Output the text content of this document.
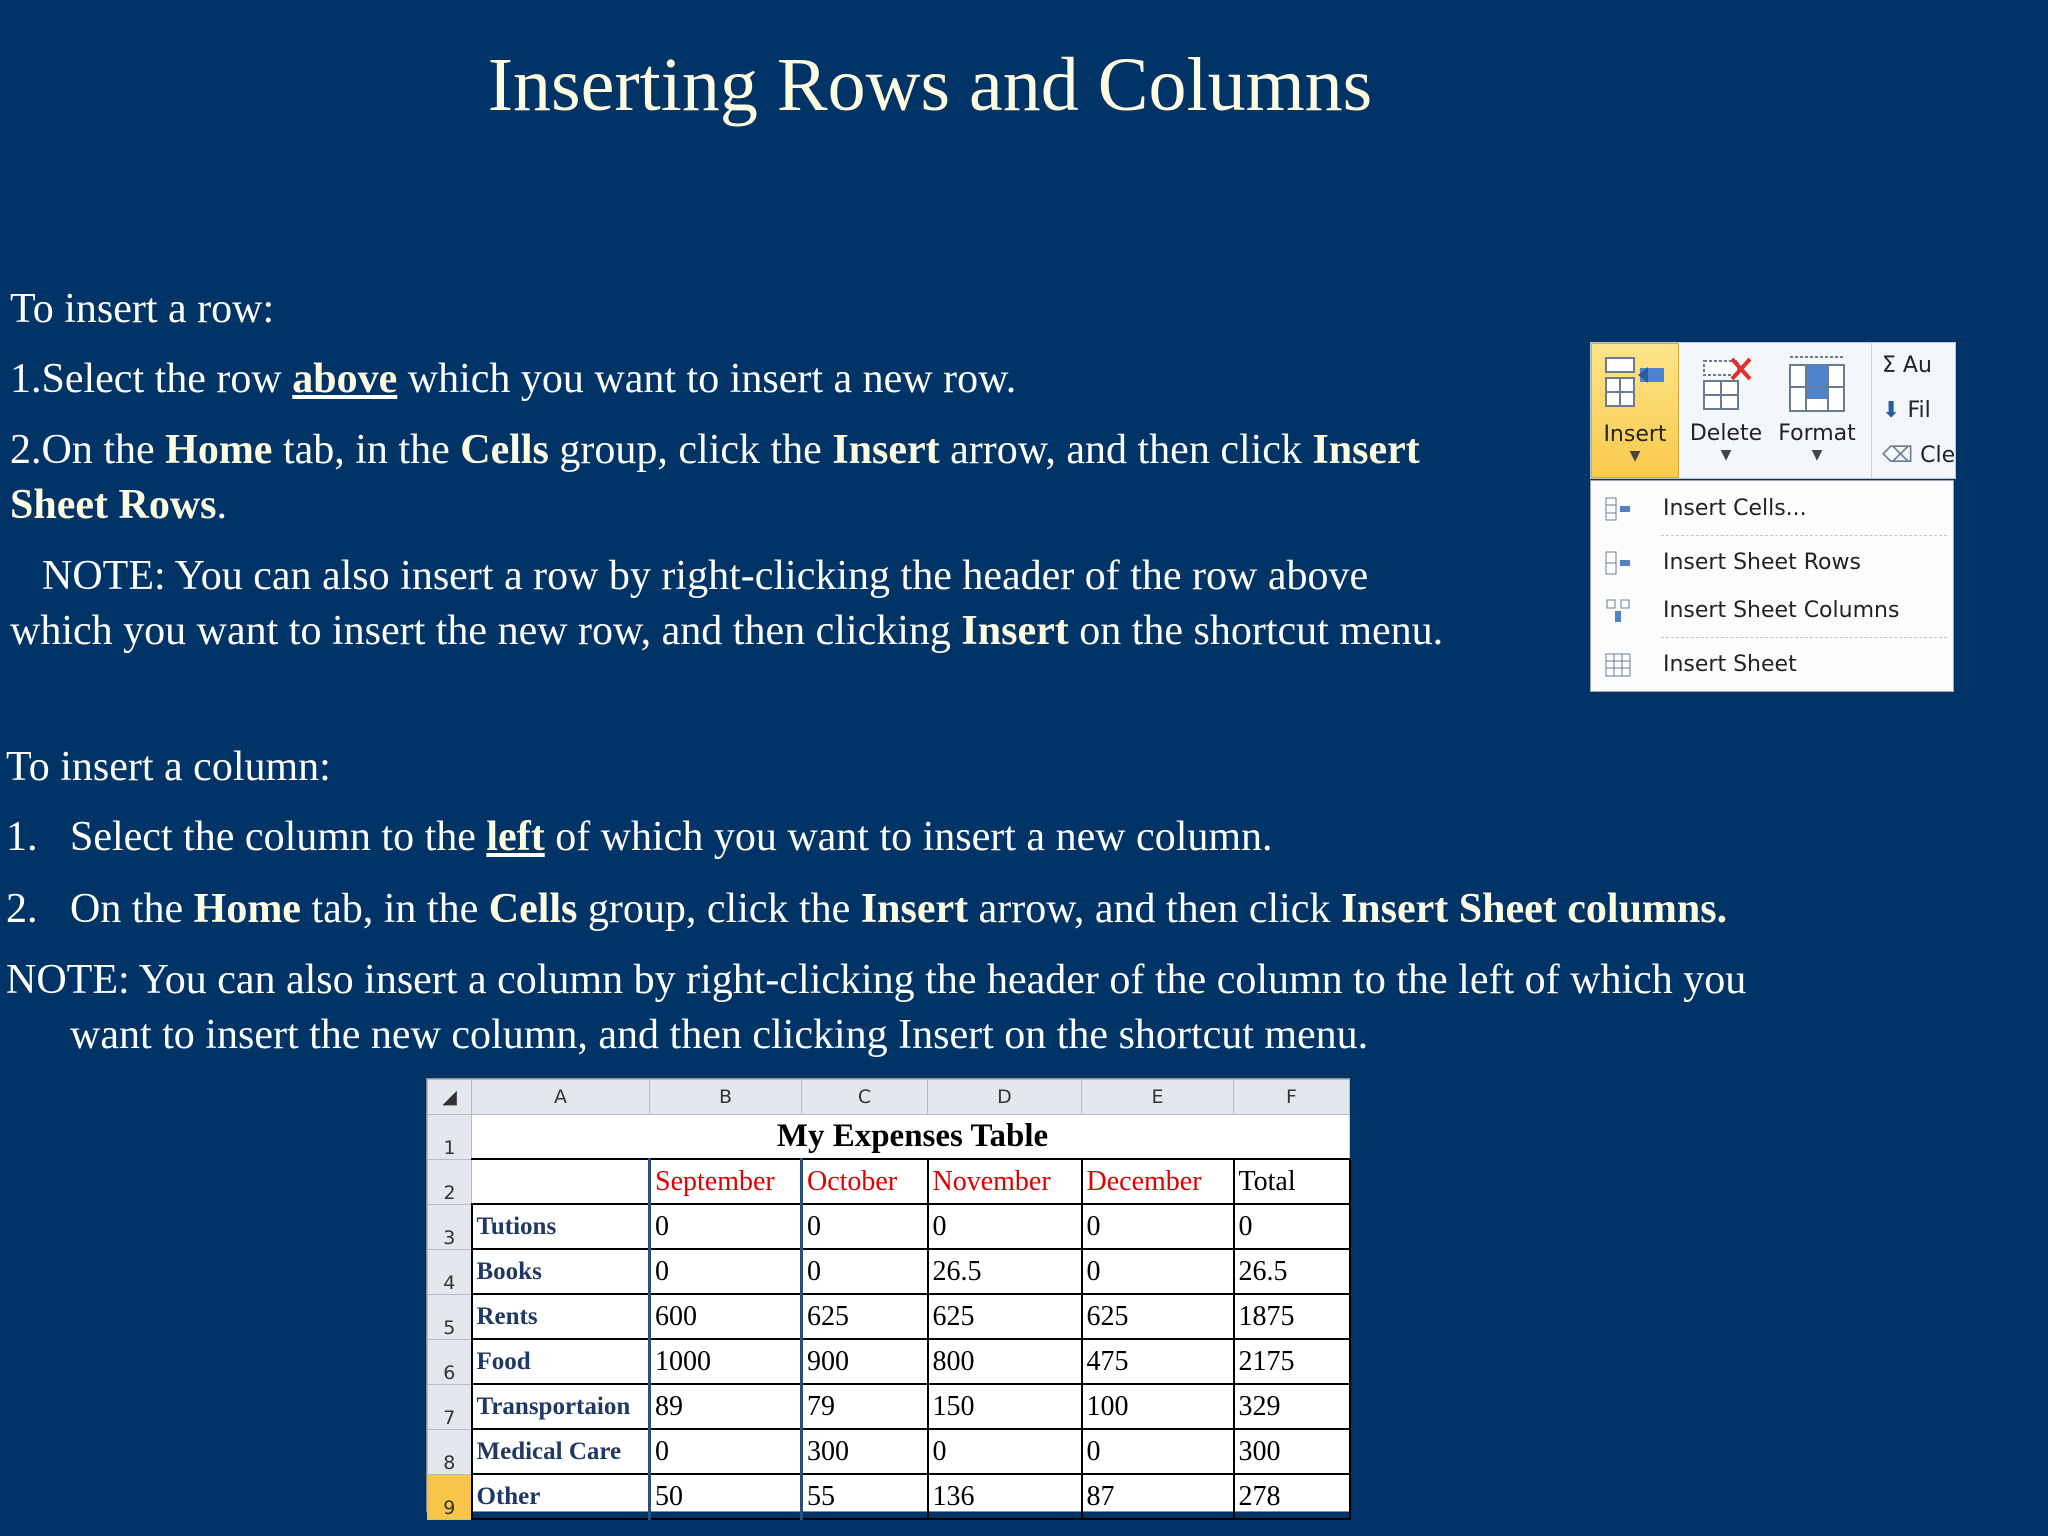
Inserting Rows and Columns
To insert a row:
1.Select the row above which you want to insert a new row.
2.On the Home tab, in the Cells group, click the Insert arrow, and then click Insert
Sheet Rows.
NOTE: You can also insert a row by right-clicking the header of the row above
which you want to insert the new row, and then clicking Insert on the shortcut menu.
To insert a column:
1. Select the column to the left of which you want to insert a new column.
2. On the Home tab, in the Cells group, click the Insert arrow, and then click Insert Sheet columns.
NOTE: You can also insert a column by right-clicking the header of the column to the left of which you
want to insert the new column, and then clicking Insert on the shortcut menu.
Insert
▼
Delete
▼
Format
▼
Σ Au
⬇ Fil
⌫ Cle
Insert Cells...
Insert Sheet Rows
Insert Sheet Columns
Insert Sheet
◢	A	B	C	D	E	F
1	My Expenses Table					
2		September	October	November	December	Total
3	Tutions	0	0	0	0	0
4	Books	0	0	26.5	0	26.5
5	Rents	600	625	625	625	1875
6	Food	1000	900	800	475	2175
7	Transportaion	89	79	150	100	329
8	Medical Care	0	300	0	0	300
9	Other	50	55	136	87	278
